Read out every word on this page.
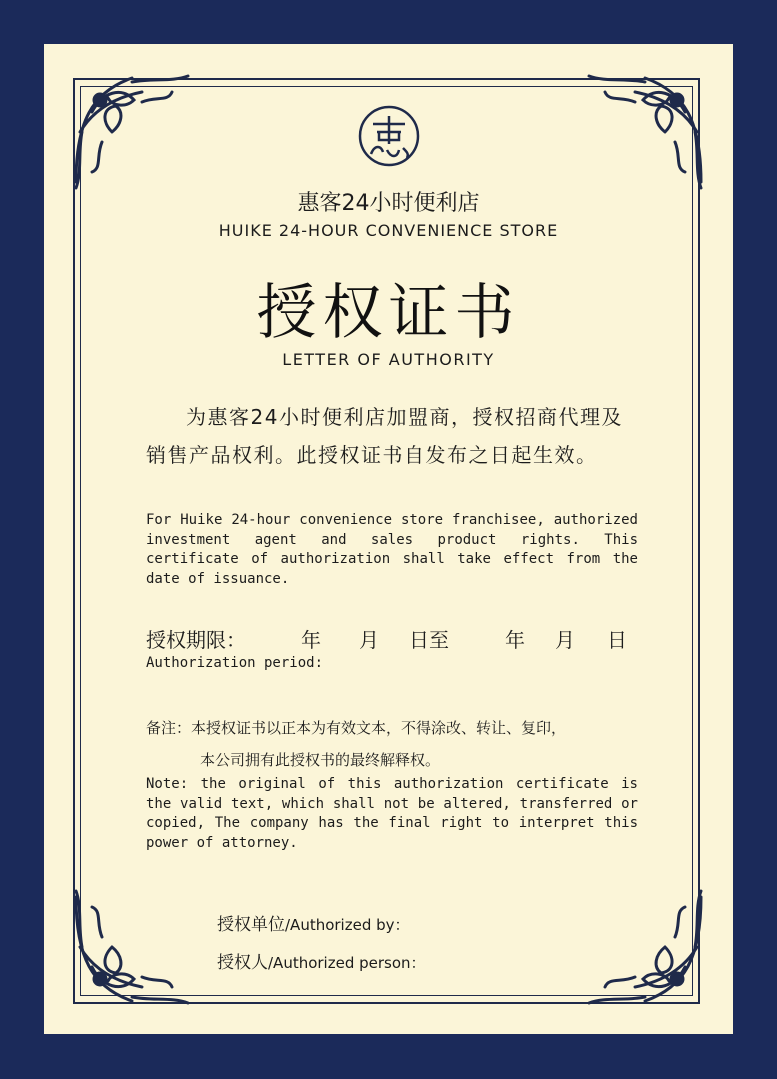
惠客24小时便利店
HUIKE 24-HOUR CONVENIENCE STORE
授权证书
LETTER OF AUTHORITY
为惠客24小时便利店加盟商，授权招商代理及销售产品权利。此授权证书自发布之日起生效。
For Huike 24-hour convenience store franchisee, authorized investment agent and sales product rights. This certificate of authorization shall take effect from the date of issuance.
授权期限：	年	月	日至	年	月	日
Authorization period:
备注：本授权证书以正本为有效文本，不得涂改、转让、复印，
本公司拥有此授权书的最终解释权。
Note: the original of this authorization certificate is the valid text, which shall not be altered, transferred or copied, The company has the final right to interpret this power of attorney.
授权单位/Authorized by：
授权人/Authorized person：
